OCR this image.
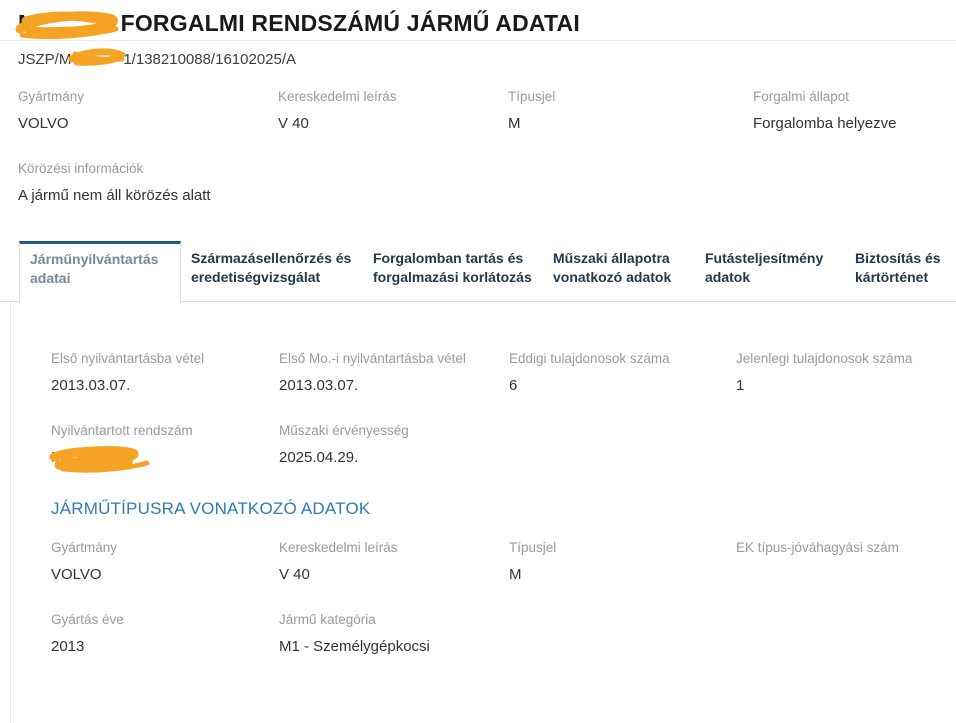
M	FORGALMI RENDSZÁMÚ JÁRMŰ ADATAI
JSZP/M	1/138210088/16102025/A
Gyártmány
VOLVO
Kereskedelmi leírás
V 40
Típusjel
M
Forgalmi állapot
Forgalomba helyezve
Körözési információk
A jármű nem áll körözés alatt
Járműnyilvántartás adatai
Származásellenőrzés és eredetiségvizsgálat
Forgalomban tartás és forgalmazási korlátozás
Műszaki állapotra vonatkozó adatok
Futásteljesítmény adatok
Biztosítás és kártörténet
Első nyilvántartásba vétel
2013.03.07.
Első Mo.-i nyilvántartásba vétel
2013.03.07.
Eddigi tulajdonosok száma
6
Jelenlegi tulajdonosok száma
1
Nyilvántartott rendszám
M
Műszaki érvényesség
2025.04.29.
JÁRMŰTÍPUSRA VONATKOZÓ ADATOK
Gyártmány
VOLVO
Kereskedelmi leírás
V 40
Típusjel
M
EK típus-jóváhagyási szám
Gyártás éve
2013
Jármű kategória
M1 - Személygépkocsi
